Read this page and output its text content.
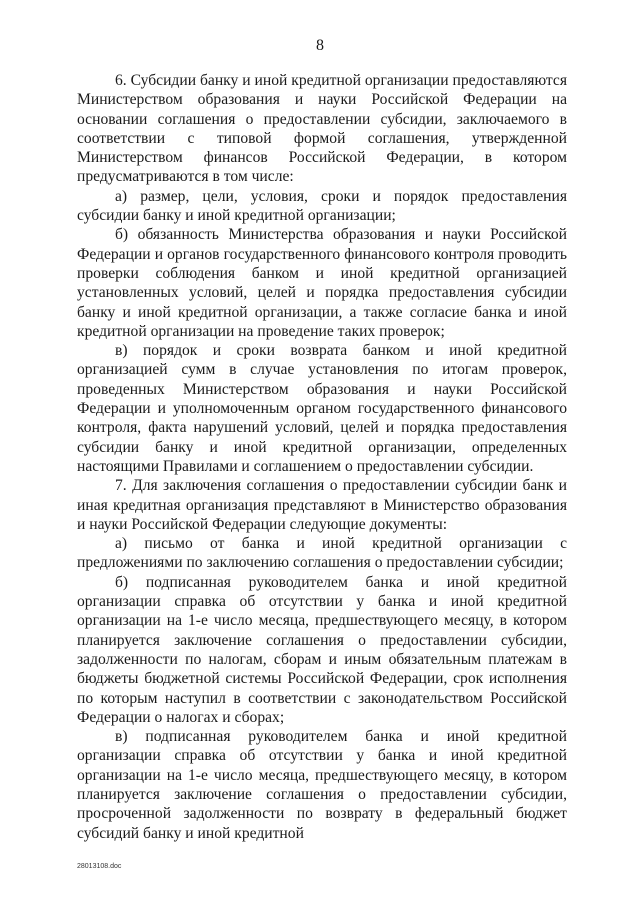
8

6. Субсидии банку и иной кредитной организации предоставляются Министерством образования и науки Российской Федерации на основании соглашения о предоставлении субсидии, заключаемого в соответствии с типовой формой соглашения, утвержденной Министерством финансов Российской Федерации, в котором предусматриваются в том числе:

а) размер, цели, условия, сроки и порядок предоставления субсидии банку и иной кредитной организации;

б) обязанность Министерства образования и науки Российской Федерации и органов государственного финансового контроля проводить проверки соблюдения банком и иной кредитной организацией установленных условий, целей и порядка предоставления субсидии банку и иной кредитной организации, а также согласие банка и иной кредитной организации на проведение таких проверок;

в) порядок и сроки возврата банком и иной кредитной организацией сумм в случае установления по итогам проверок, проведенных Министерством образования и науки Российской Федерации и уполномоченным органом государственного финансового контроля, факта нарушений условий, целей и порядка предоставления субсидии банку и иной кредитной организации, определенных настоящими Правилами и соглашением о предоставлении субсидии.

7. Для заключения соглашения о предоставлении субсидии банк и иная кредитная организация представляют в Министерство образования и науки Российской Федерации следующие документы:

а) письмо от банка и иной кредитной организации с предложениями по заключению соглашения о предоставлении субсидии;

б) подписанная руководителем банка и иной кредитной организации справка об отсутствии у банка и иной кредитной организации на 1-е число месяца, предшествующего месяцу, в котором планируется заключение соглашения о предоставлении субсидии, задолженности по налогам, сборам и иным обязательным платежам в бюджеты бюджетной системы Российской Федерации, срок исполнения по которым наступил в соответствии с законодательством Российской Федерации о налогах и сборах;

в) подписанная руководителем банка и иной кредитной организации справка об отсутствии у банка и иной кредитной организации на 1-е число месяца, предшествующего месяцу, в котором планируется заключение соглашения о предоставлении субсидии, просроченной задолженности по возврату в федеральный бюджет субсидий банку и иной кредитной

28013108.doc
